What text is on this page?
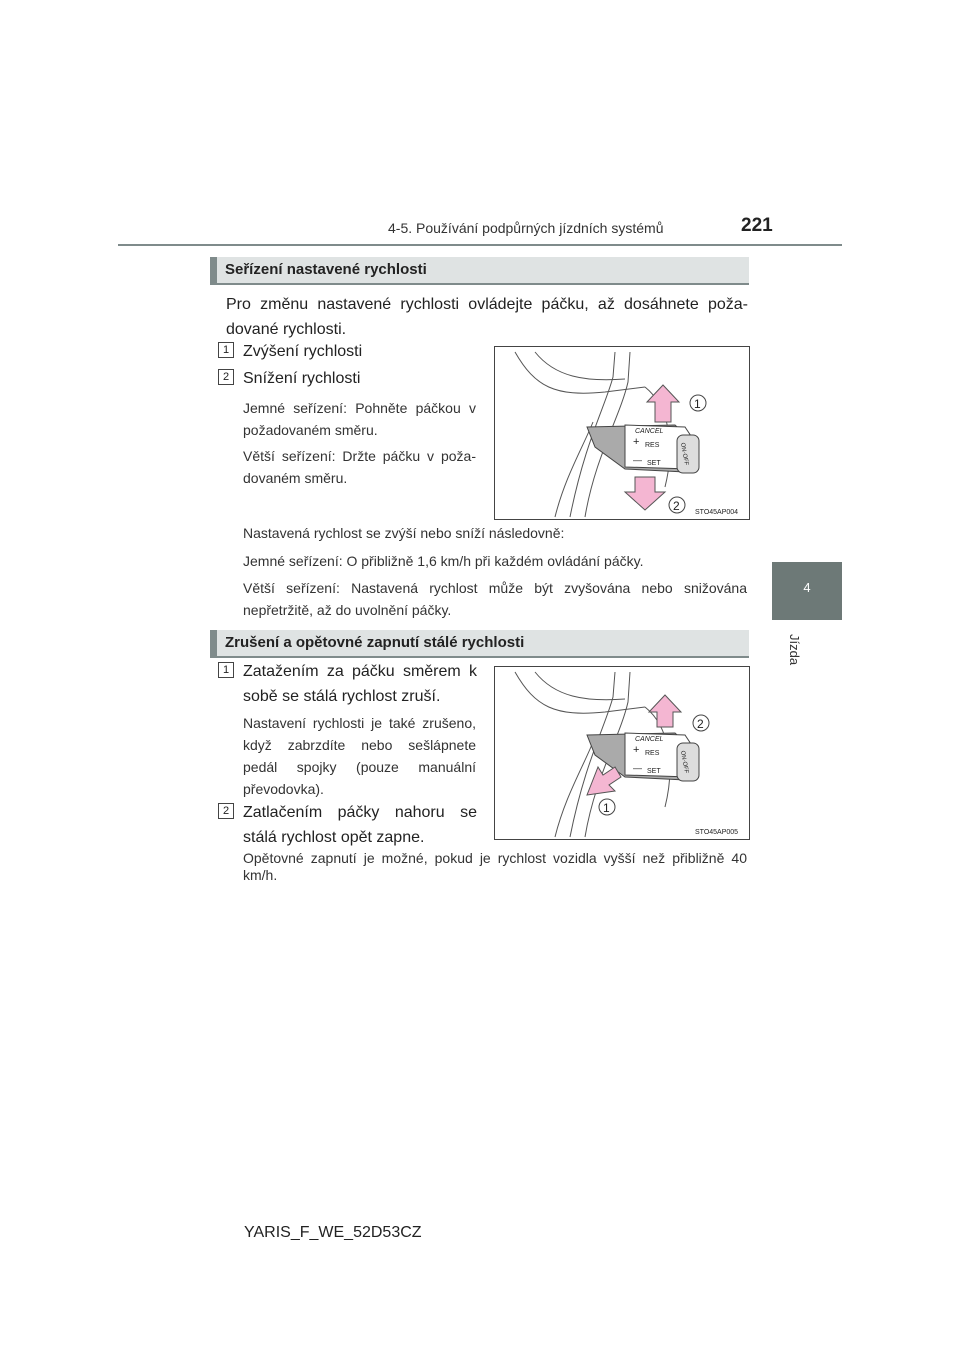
4-5. Používání podpůrných jízdních systémů	221
4
Jízda
Seřízení nastavené rychlosti
Pro změnu nastavené rychlosti ovládejte páčku, až dosáhnete požadované rychlosti.
1 Zvýšení rychlosti
2 Snížení rychlosti
Jemné seřízení: Pohněte páčkou v požadovaném směru.
Větší seřízení: Držte páčku v požadovaném směru.
CANCEL
+ RES
— SET	ON·OFF
1
2 STO45AP004
Nastavená rychlost se zvýší nebo sníží následovně:
Jemné seřízení: O přibližně 1,6 km/h při každém ovládání páčky.
Větší seřízení: Nastavená rychlost může být zvyšována nebo snižována nepřetržitě, až do uvolnění páčky.
Zrušení a opětovné zapnutí stálé rychlosti
1 Zatažením za páčku směrem k sobě se stálá rychlost zruší.
Nastavení rychlosti je také zrušeno, když zabrzdíte nebo sešlápnete pedál spojky (pouze manuální převodovka).
2 Zatlačením páčky nahoru se stálá rychlost opět zapne.
CANCEL
+ RES
— SET	ON·OFF
2
1
STO45AP005
Opětovné zapnutí je možné, pokud je rychlost vozidla vyšší než přibližně 40 km/h.
YARIS_F_WE_52D53CZ
